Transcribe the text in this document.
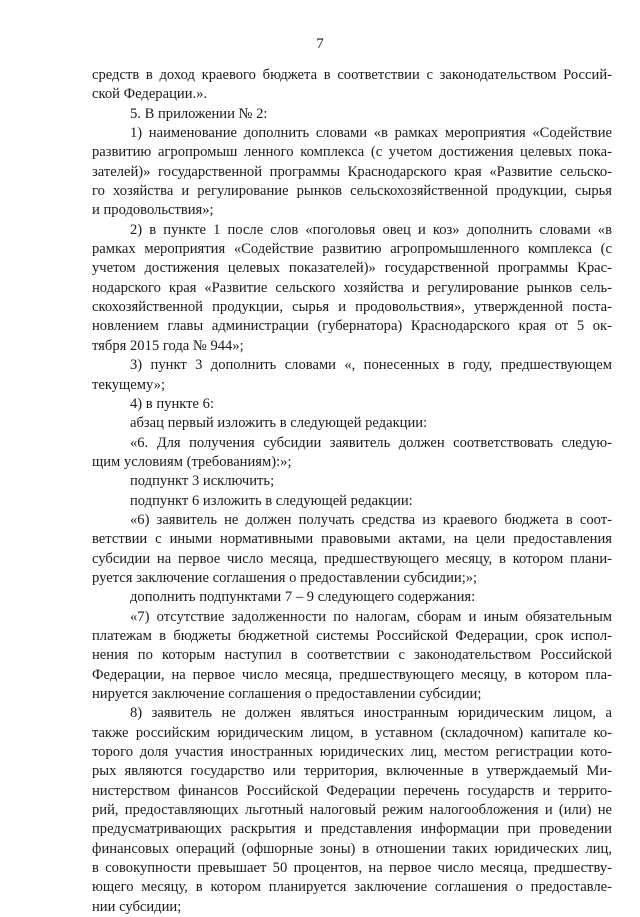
7
средств в доход краевого бюджета в соответствии с законодательством Россий-
ской Федерации.».
5. В приложении № 2:
1) наименование дополнить словами «в рамках мероприятия «Содействие
развитию агропромыш ленного комплекса (с учетом достижения целевых пока-
зателей)» государственной программы Краснодарского края «Развитие сельско-
го хозяйства и регулирование рынков сельскохозяйственной продукции, сырья
и продовольствия»;
2) в пункте 1 после слов «поголовья овец и коз» дополнить словами «в
рамках мероприятия «Содействие развитию агропромышленного комплекса (с
учетом достижения целевых показателей)» государственной программы Крас-
нодарского края «Развитие сельского хозяйства и регулирование рынков сель-
скохозяйственной продукции, сырья и продовольствия», утвержденной поста-
новлением главы администрации (губернатора) Краснодарского края от 5 ок-
тября 2015 года № 944»;
3) пункт 3 дополнить словами «, понесенных в году, предшествующем
текущему»;
4) в пункте 6:
абзац первый изложить в следующей редакции:
«6. Для получения субсидии заявитель должен соответствовать следую-
щим условиям (требованиям):»;
подпункт 3 исключить;
подпункт 6 изложить в следующей редакции:
«6) заявитель не должен получать средства из краевого бюджета в соот-
ветствии с иными нормативными правовыми актами, на цели предоставления
субсидии на первое число месяца, предшествующего месяцу, в котором плани-
руется заключение соглашения о предоставлении субсидии;»;
дополнить подпунктами 7 – 9 следующего содержания:
«7) отсутствие задолженности по налогам, сборам и иным обязательным
платежам в бюджеты бюджетной системы Российской Федерации, срок испол-
нения по которым наступил в соответствии с законодательством Российской
Федерации, на первое число месяца, предшествующего месяцу, в котором пла-
нируется заключение соглашения о предоставлении субсидии;
8) заявитель не должен являться иностранным юридическим лицом, а
также российским юридическим лицом, в уставном (складочном) капитале ко-
торого доля участия иностранных юридических лиц, местом регистрации кото-
рых являются государство или территория, включенные в утверждаемый Ми-
нистерством финансов Российской Федерации перечень государств и террито-
рий, предоставляющих льготный налоговый режим налогообложения и (или) не
предусматривающих раскрытия и представления информации при проведении
финансовых операций (офшорные зоны) в отношении таких юридических лиц,
в совокупности превышает 50 процентов, на первое число месяца, предшеству-
ющего месяцу, в котором планируется заключение соглашения о предоставле-
нии субсидии;
